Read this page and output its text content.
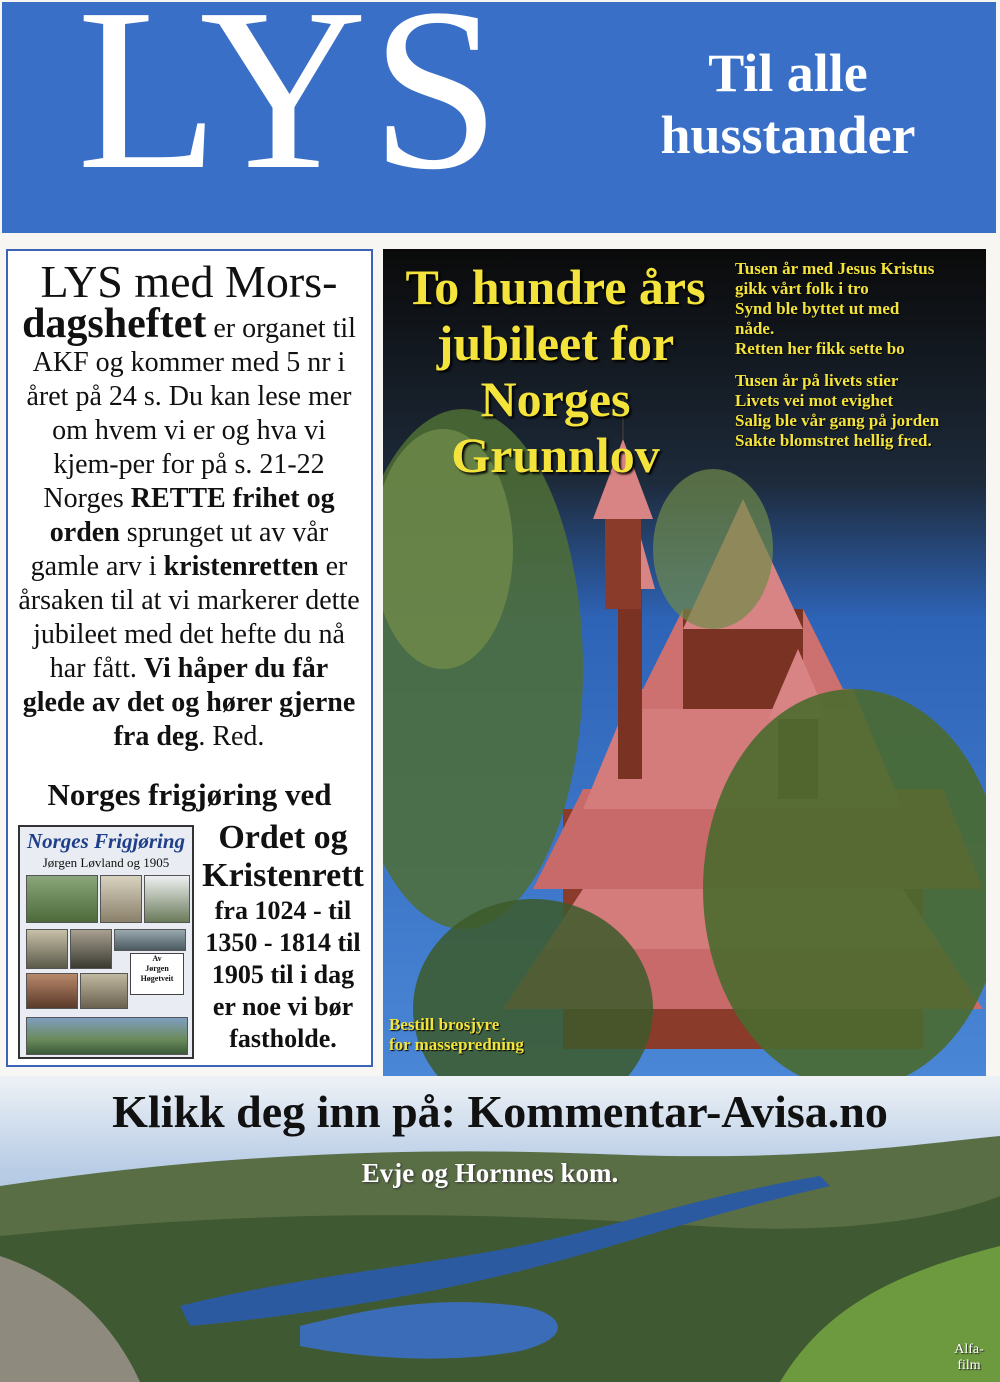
LYS	Til alle
husstander
LYS med Mors-
dagsheftet er organet til AKF og kommer med 5 nr i året på 24 s. Du kan lese mer om hvem vi er og hva vi kjem-per for på s. 21-22
Norges RETTE frihet og orden sprunget ut av vår gamle arv i kristenretten er årsaken til at vi markerer dette jubileet med det hefte du nå har fått. Vi håper du får glede av det og hører gjerne fra deg. Red.
Norges frigjøring ved
Norges Frigjøring
Jørgen Løvland og 1905
Av
Jørgen
Høgetveit
Ordet og
Kristenrett
fra 1024 - til 1350 - 1814 til 1905 til i dag er noe vi bør fastholde.
To hundre års
jubileet for
Norges
Grunnlov
Tusen år med Jesus Kristus
gikk vårt folk i tro
Synd ble byttet ut med
nåde.
Retten her fikk sette bo
Tusen år på livets stier
Livets vei mot evighet
Salig ble vår gang på jorden
Sakte blomstret hellig fred.
Bestill brosjyre
for massepredning
Klikk deg inn på: Kommentar-Avisa.no
Evje og Hornnes kom.
Alfa-
film
